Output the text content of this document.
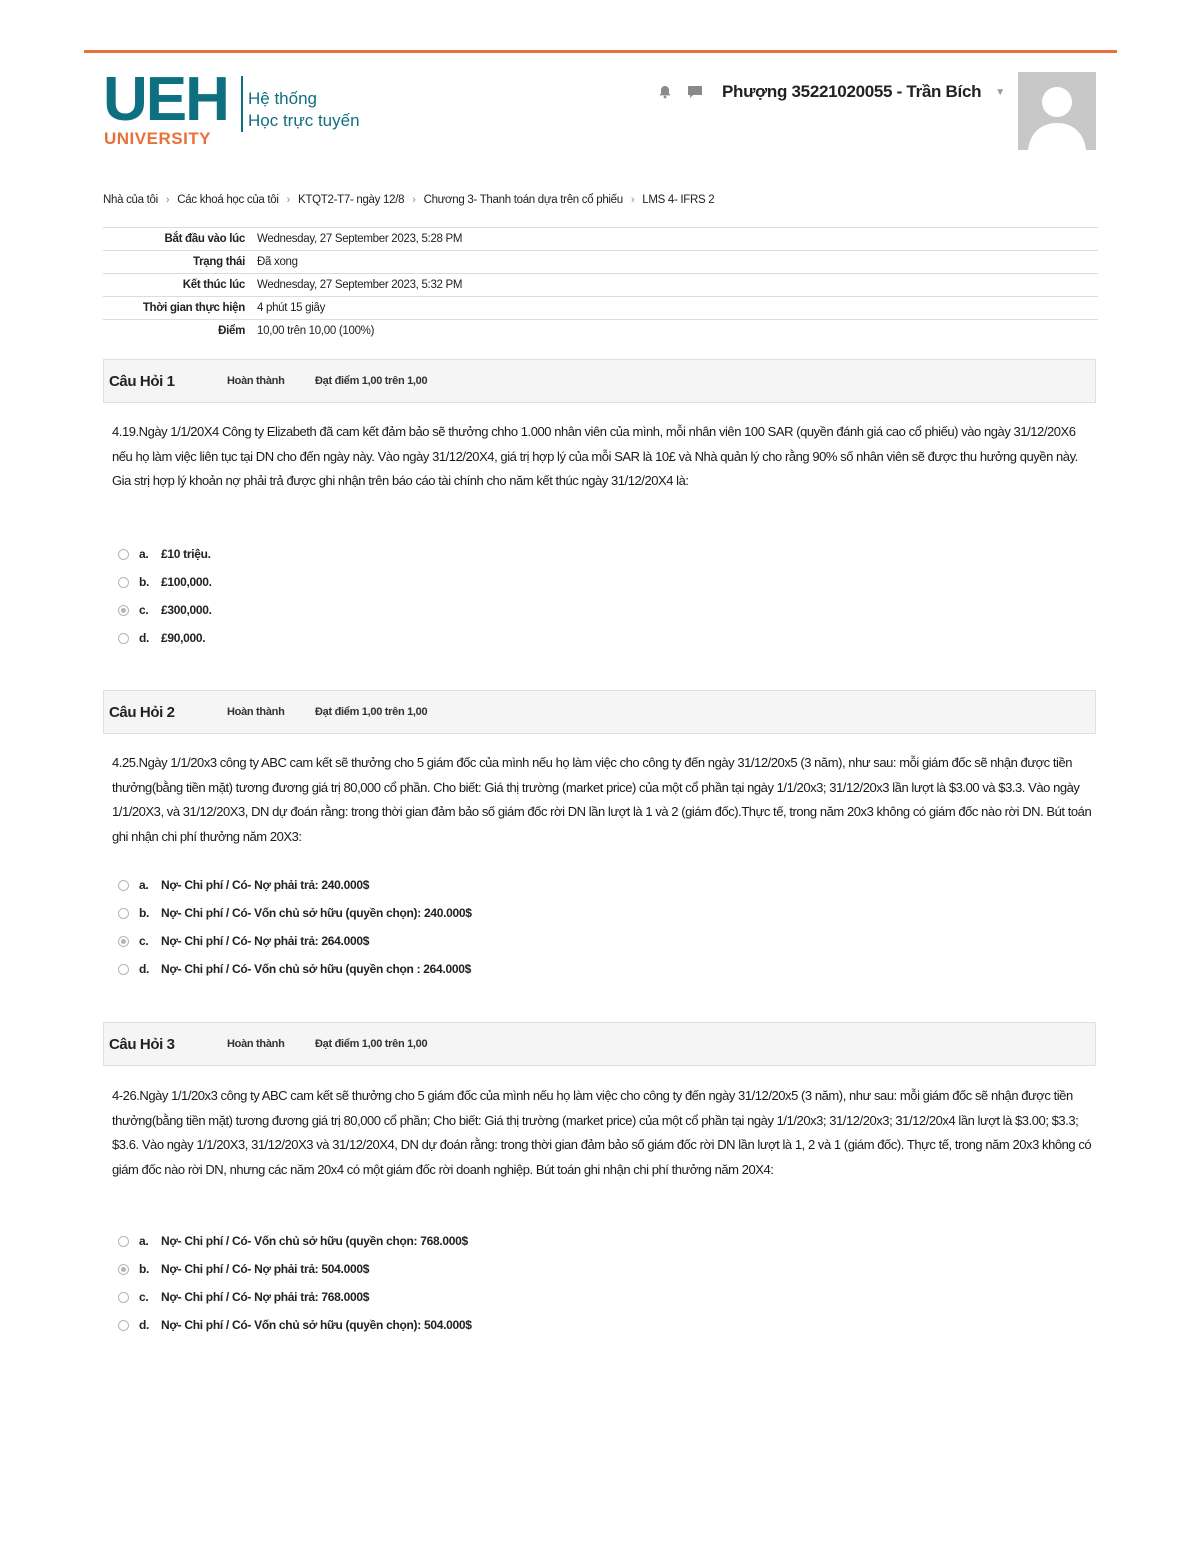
UEH
UNIVERSITY
Hệ thống
Học trực tuyến
Phượng 35221020055 - Trần Bích ▼
Nhà của tôi › Các khoá học của tôi › KTQT2-T7- ngày 12/8 › Chương 3- Thanh toán dựa trên cổ phiếu › LMS 4- IFRS 2
Bắt đầu vào lúc	Wednesday, 27 September 2023, 5:28 PM
Trạng thái	Đã xong
Kết thúc lúc	Wednesday, 27 September 2023, 5:32 PM
Thời gian thực hiện	4 phút 15 giây
Điểm	10,00 trên 10,00 (100%)
Câu Hỏi 1	Hoàn thành	Đạt điểm 1,00 trên 1,00
4.19.Ngày 1/1/20X4 Công ty Elizabeth đã cam kết đảm bảo sẽ thưởng chho 1.000 nhân viên của mình, mỗi nhân viên 100 SAR (quyền đánh giá cao cổ phiếu) vào ngày 31/12/20X6 nếu họ làm việc liên tục tại DN cho đến ngày này. Vào ngày 31/12/20X4, giá trị hợp lý của mỗi SAR là 10£ và Nhà quản lý cho rằng 90% số nhân viên sẽ được thu hưởng quyền này. Gia strị hợp lý khoản nợ phải trả được ghi nhận trên báo cáo tài chính cho năm kết thúc ngày 31/12/20X4 là:
a.	£10 triệu.
b. £100,000.
c.	£300,000.
d. £90,000.
Câu Hỏi 2	Hoàn thành	Đạt điểm 1,00 trên 1,00
4.25.Ngày 1/1/20x3 công ty ABC cam kết sẽ thưởng cho 5 giám đốc của mình nếu họ làm việc cho công ty đến ngày 31/12/20x5 (3 năm), như sau: mỗi giám đốc sẽ nhận được tiền thưởng(bằng tiền mặt) tương đương giá trị 80,000 cổ phần. Cho biết: Giá thị trường (market price) của một cổ phần tại ngày 1/1/20x3; 31/12/20x3 lần lượt là $3.00 và $3.3. Vào ngày 1/1/20X3, và 31/12/20X3, DN dự đoán rằng: trong thời gian đảm bảo số giám đốc rời DN lần lượt là 1 và 2 (giám đốc).Thực tế, trong năm 20x3 không có giám đốc nào rời DN. Bút toán ghi nhận chi phí thưởng năm 20X3:
a.	Nợ- Chi phí / Có- Nợ phải trả: 240.000$
b. Nợ- Chi phí / Có- Vốn chủ sở hữu (quyền chọn): 240.000$
c.	Nợ- Chi phí / Có- Nợ phải trả: 264.000$
d. Nợ- Chi phí / Có- Vốn chủ sở hữu (quyền chọn : 264.000$
Câu Hỏi 3	Hoàn thành	Đạt điểm 1,00 trên 1,00
4-26.Ngày 1/1/20x3 công ty ABC cam kết sẽ thưởng cho 5 giám đốc của mình nếu họ làm việc cho công ty đến ngày 31/12/20x5 (3 năm), như sau: mỗi giám đốc sẽ nhận được tiền thưởng(bằng tiền mặt) tương đương giá trị 80,000 cổ phần; Cho biết: Giá thị trường (market price) của một cổ phần tại ngày 1/1/20x3; 31/12/20x3; 31/12/20x4 lần lượt là $3.00; $3.3; $3.6. Vào ngày 1/1/20X3, 31/12/20X3 và 31/12/20X4, DN dự đoán rằng: trong thời gian đảm bảo số giám đốc rời DN lần lượt là 1, 2 và 1 (giám đốc). Thực tế, trong năm 20x3 không có giám đốc nào rời DN, nhưng các năm 20x4 có một giám đốc rời doanh nghiệp. Bút toán ghi nhận chi phí thưởng năm 20X4:
a.	Nợ- Chi phí / Có- Vốn chủ sở hữu (quyền chọn: 768.000$
b. Nợ- Chi phí / Có- Nợ phải trả: 504.000$
c.	Nợ- Chi phí / Có- Nợ phải trả: 768.000$
d. Nợ- Chi phí / Có- Vốn chủ sở hữu (quyền chọn): 504.000$
